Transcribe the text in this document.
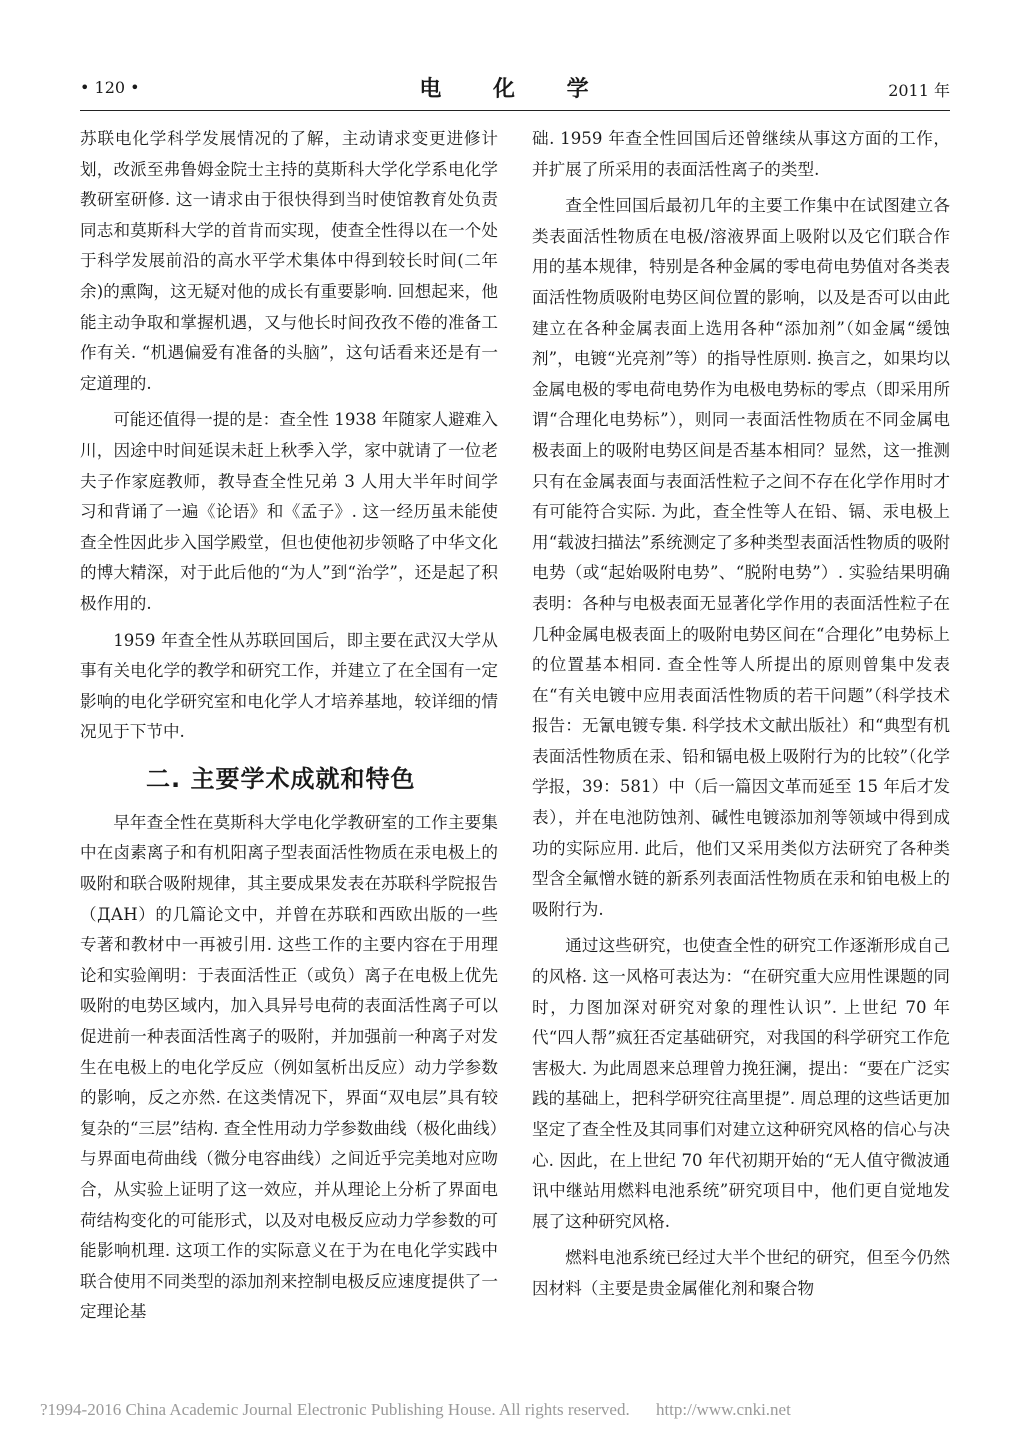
• 120 •	电 化 学	2011 年

苏联电化学科学发展情况的了解，主动请求变更进修计划，改派至弗鲁姆金院士主持的莫斯科大学化学系电化学教研室研修. 这一请求由于很快得到当时使馆教育处负责同志和莫斯科大学的首肯而实现，使查全性得以在一个处于科学发展前沿的高水平学术集体中得到较长时间(二年余)的熏陶，这无疑对他的成长有重要影响. 回想起来，他能主动争取和掌握机遇，又与他长时间孜孜不倦的准备工作有关. “机遇偏爱有准备的头脑”，这句话看来还是有一定道理的.

可能还值得一提的是：查全性 1938 年随家人避难入川，因途中时间延误未赶上秋季入学，家中就请了一位老夫子作家庭教师，教导查全性兄弟 3 人用大半年时间学习和背诵了一遍《论语》和《孟子》. 这一经历虽未能使查全性因此步入国学殿堂，但也使他初步领略了中华文化的博大精深，对于此后他的“为人”到“治学”，还是起了积极作用的.

1959 年查全性从苏联回国后，即主要在武汉大学从事有关电化学的教学和研究工作，并建立了在全国有一定影响的电化学研究室和电化学人才培养基地，较详细的情况见于下节中.

二. 主要学术成就和特色

早年查全性在莫斯科大学电化学教研室的工作主要集中在卤素离子和有机阳离子型表面活性物质在汞电极上的吸附和联合吸附规律，其主要成果发表在苏联科学院报告（ДАН）的几篇论文中，并曾在苏联和西欧出版的一些专著和教材中一再被引用. 这些工作的主要内容在于用理论和实验阐明：于表面活性正（或负）离子在电极上优先吸附的电势区域内，加入具异号电荷的表面活性离子可以促进前一种表面活性离子的吸附，并加强前一种离子对发生在电极上的电化学反应（例如氢析出反应）动力学参数的影响，反之亦然. 在这类情况下，界面“双电层”具有较复杂的“三层”结构. 查全性用动力学参数曲线（极化曲线）与界面电荷曲线（微分电容曲线）之间近乎完美地对应吻合，从实验上证明了这一效应，并从理论上分析了界面电荷结构变化的可能形式，以及对电极反应动力学参数的可能影响机理. 这项工作的实际意义在于为在电化学实践中联合使用不同类型的添加剂来控制电极反应速度提供了一定理论基

础. 1959 年查全性回国后还曾继续从事这方面的工作，并扩展了所采用的表面活性离子的类型.

查全性回国后最初几年的主要工作集中在试图建立各类表面活性物质在电极/溶液界面上吸附以及它们联合作用的基本规律，特别是各种金属的零电荷电势值对各类表面活性物质吸附电势区间位置的影响，以及是否可以由此建立在各种金属表面上选用各种“添加剂”（如金属“缓蚀剂”，电镀“光亮剂”等）的指导性原则. 换言之，如果均以金属电极的零电荷电势作为电极电势标的零点（即采用所谓“合理化电势标”），则同一表面活性物质在不同金属电极表面上的吸附电势区间是否基本相同？显然，这一推测只有在金属表面与表面活性粒子之间不存在化学作用时才有可能符合实际. 为此，查全性等人在铅、镉、汞电极上用“载波扫描法”系统测定了多种类型表面活性物质的吸附电势（或“起始吸附电势”、“脱附电势”）. 实验结果明确表明：各种与电极表面无显著化学作用的表面活性粒子在几种金属电极表面上的吸附电势区间在“合理化”电势标上的位置基本相同. 查全性等人所提出的原则曾集中发表在“有关电镀中应用表面活性物质的若干问题”（科学技术报告：无氰电镀专集. 科学技术文献出版社）和“典型有机表面活性物质在汞、铅和镉电极上吸附行为的比较”（化学学报，39：581）中（后一篇因文革而延至 15 年后才发表），并在电池防蚀剂、碱性电镀添加剂等领域中得到成功的实际应用. 此后，他们又采用类似方法研究了各种类型含全氟憎水链的新系列表面活性物质在汞和铂电极上的吸附行为.

通过这些研究，也使查全性的研究工作逐渐形成自己的风格. 这一风格可表达为：“在研究重大应用性课题的同时，力图加深对研究对象的理性认识”. 上世纪 70 年代“四人帮”疯狂否定基础研究，对我国的科学研究工作危害极大. 为此周恩来总理曾力挽狂澜，提出：“要在广泛实践的基础上，把科学研究往高里提”. 周总理的这些话更加坚定了查全性及其同事们对建立这种研究风格的信心与决心. 因此，在上世纪 70 年代初期开始的“无人值守微波通讯中继站用燃料电池系统”研究项目中，他们更自觉地发展了这种研究风格.

燃料电池系统已经过大半个世纪的研究，但至今仍然因材料（主要是贵金属催化剂和聚合物

?1994-2016 China Academic Journal Electronic Publishing House. All rights reserved. http://www.cnki.net
